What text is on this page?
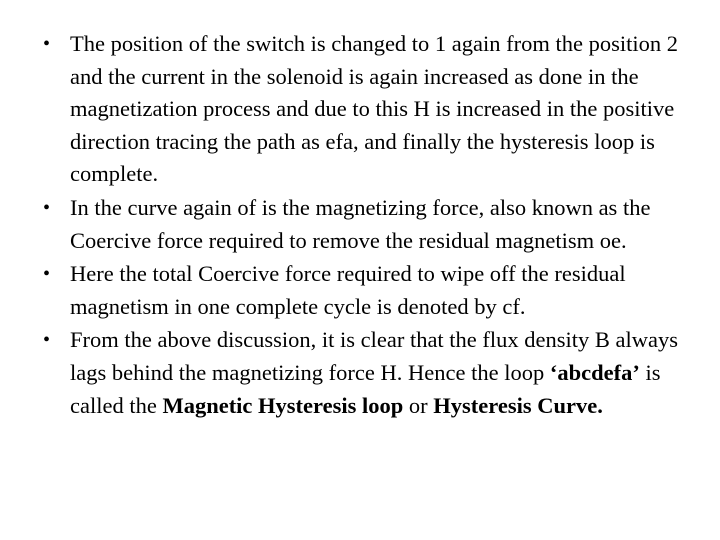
• The position of the switch is changed to 1 again from the position 2 and the current in the solenoid is again increased as done in the magnetization process and due to this H is increased in the positive direction tracing the path as efa, and finally the hysteresis loop is complete.
• In the curve again of is the magnetizing force, also known as the Coercive force required to remove the residual magnetism oe.
• Here the total Coercive force required to wipe off the residual magnetism in one complete cycle is denoted by cf.
• From the above discussion, it is clear that the flux density B always lags behind the magnetizing force H. Hence the loop ‘abcdefa’ is called the Magnetic Hysteresis loop or Hysteresis Curve.
